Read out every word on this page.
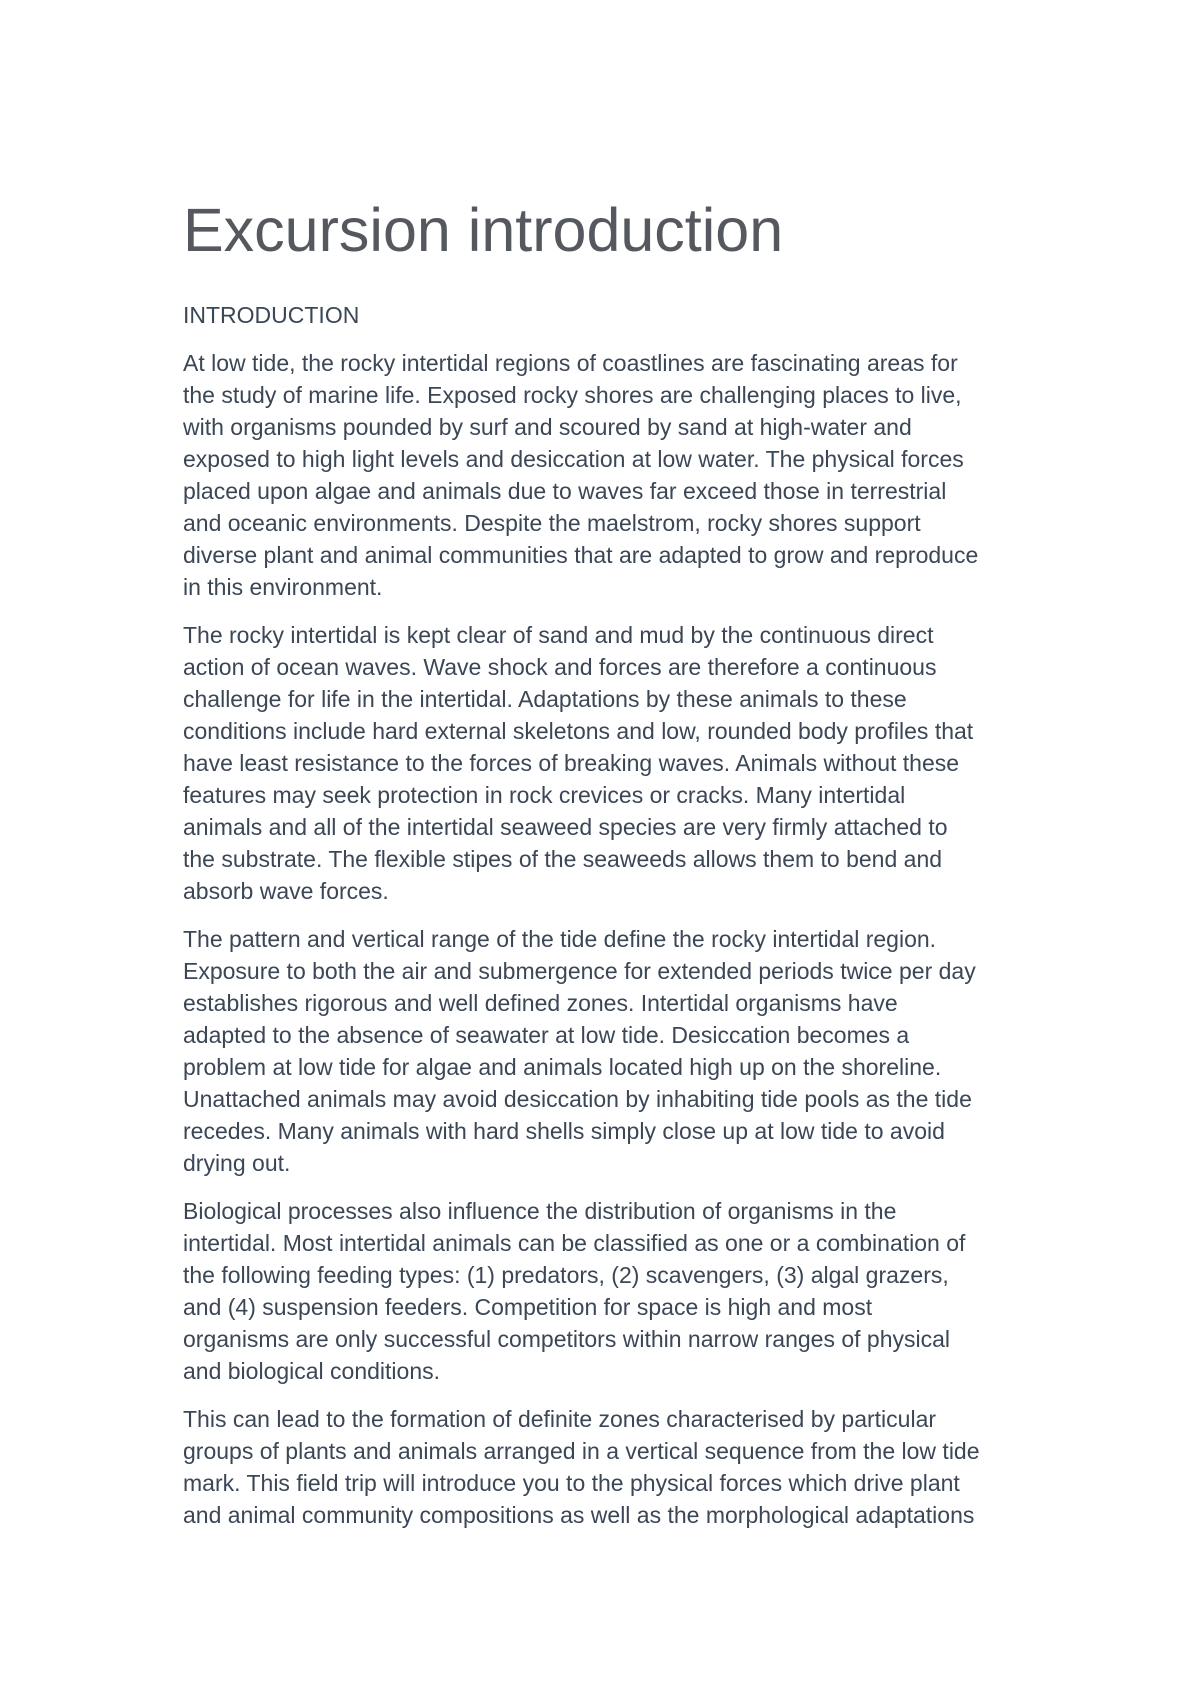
Excursion introduction
INTRODUCTION

At low tide, the rocky intertidal regions of coastlines are fascinating areas for
the study of marine life. Exposed rocky shores are challenging places to live,
with organisms pounded by surf and scoured by sand at high-water and
exposed to high light levels and desiccation at low water. The physical forces
placed upon algae and animals due to waves far exceed those in terrestrial
and oceanic environments. Despite the maelstrom, rocky shores support
diverse plant and animal communities that are adapted to grow and reproduce
in this environment.

The rocky intertidal is kept clear of sand and mud by the continuous direct
action of ocean waves. Wave shock and forces are therefore a continuous
challenge for life in the intertidal. Adaptations by these animals to these
conditions include hard external skeletons and low, rounded body profiles that
have least resistance to the forces of breaking waves. Animals without these
features may seek protection in rock crevices or cracks. Many intertidal
animals and all of the intertidal seaweed species are very firmly attached to
the substrate. The flexible stipes of the seaweeds allows them to bend and
absorb wave forces.

The pattern and vertical range of the tide define the rocky intertidal region.
Exposure to both the air and submergence for extended periods twice per day
establishes rigorous and well defined zones. Intertidal organisms have
adapted to the absence of seawater at low tide. Desiccation becomes a
problem at low tide for algae and animals located high up on the shoreline.
Unattached animals may avoid desiccation by inhabiting tide pools as the tide
recedes. Many animals with hard shells simply close up at low tide to avoid
drying out.

Biological processes also influence the distribution of organisms in the
intertidal. Most intertidal animals can be classified as one or a combination of
the following feeding types: (1) predators, (2) scavengers, (3) algal grazers,
and (4) suspension feeders. Competition for space is high and most
organisms are only successful competitors within narrow ranges of physical
and biological conditions.

This can lead to the formation of definite zones characterised by particular
groups of plants and animals arranged in a vertical sequence from the low tide
mark. This field trip will introduce you to the physical forces which drive plant
and animal community compositions as well as the morphological adaptations
